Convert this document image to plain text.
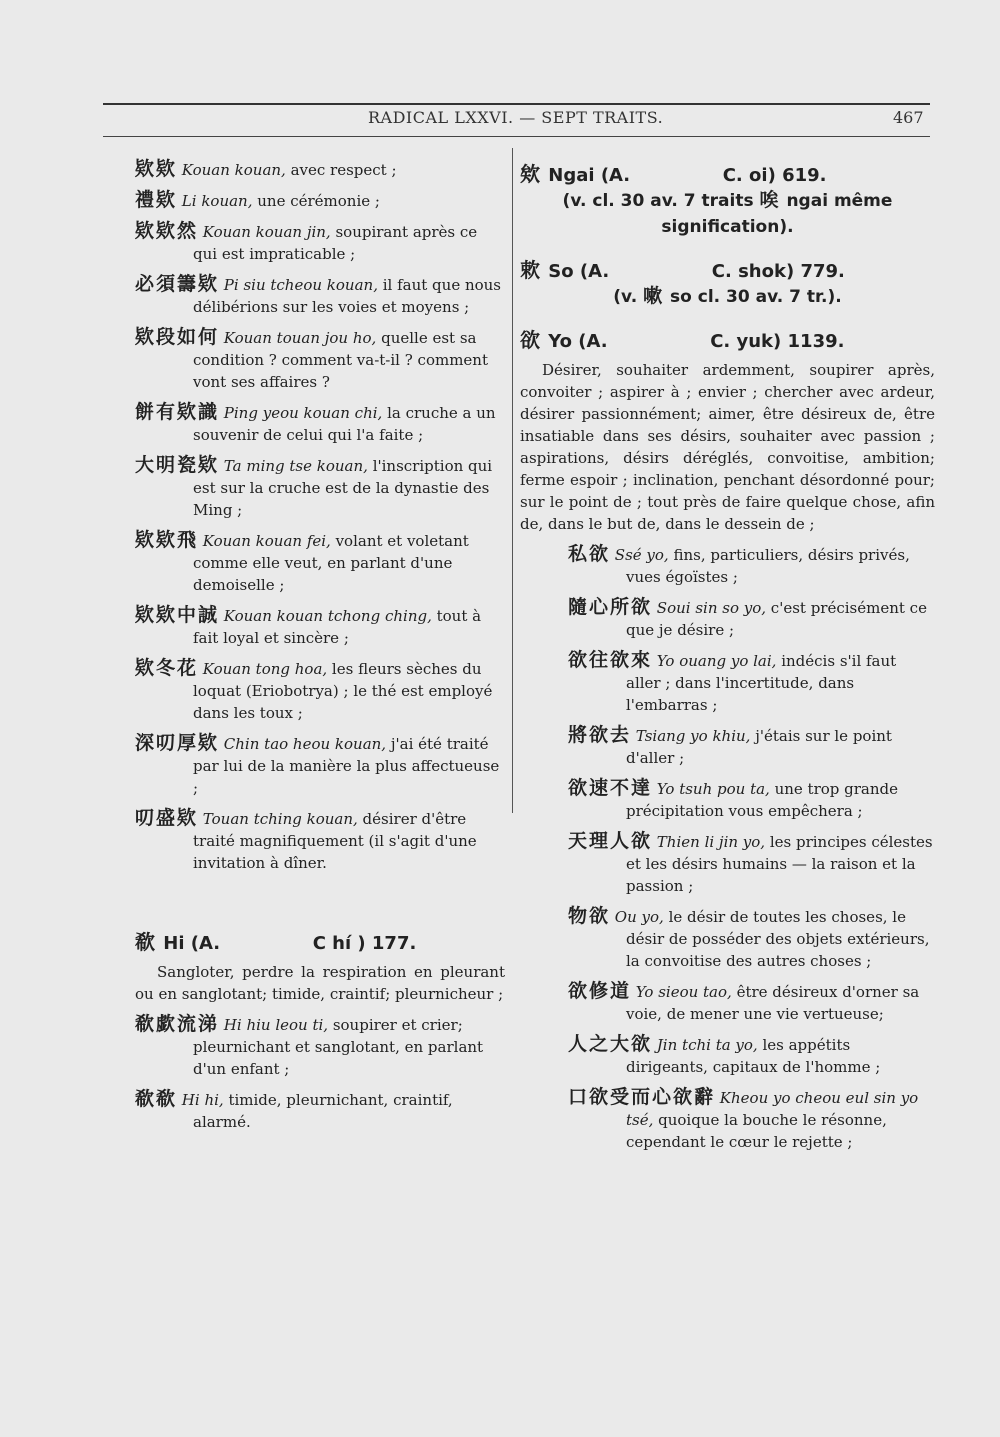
RADICAL LXXVI. — SEPT TRAITS.	467
欵欵 Kouan kouan, avec respect ;
禮欵 Li kouan, une cérémonie ;
欵欵然 Kouan kouan jin, soupirant après ce qui est impraticable ;
必須籌欵 Pi siu tcheou kouan, il faut que nous délibérions sur les voies et moyens ;
欵段如何 Kouan touan jou ho, quelle est sa condition ? comment va-t-il ? comment vont ses affaires ?
餅有欵識 Ping yeou kouan chi, la cruche a un souvenir de celui qui l'a faite ;
大明瓷欵 Ta ming tse kouan, l'inscription qui est sur la cruche est de la dynastie des Ming ;
欵欵飛 Kouan kouan fei, volant et voletant comme elle veut, en parlant d'une demoiselle ;
欵欵中誠 Kouan kouan tchong ching, tout à fait loyal et sincère ;
欵冬花 Kouan tong hoa, les fleurs sèches du loquat (Eriobotrya) ; le thé est employé dans les toux ;
深叨厚欵 Chin tao heou kouan, j'ai été traité par lui de la manière la plus affectueuse ;
叨盛欵 Touan tching kouan, désirer d'être traité magnifiquement (il s'agit d'une invitation à dîner.
欷 Hi (A.	C hí ) 177.
Sangloter, perdre la respiration en pleurant ou en sanglotant; timide, craintif; pleurnicheur ;
欷歔流涕 Hi hiu leou ti, soupirer et crier; pleurnichant et sanglotant, en parlant d'un enfant ;
欷欷 Hi hi, timide, pleurnichant, craintif, alarmé.
欸 Ngai (A.	C. oi) 619.
(v. cl. 30 av. 7 traits 唉 ngai même signification).
欶 So (A.	C. shok) 779.
(v. 嗽 so cl. 30 av. 7 tr.).
欲 Yo (A.	C. yuk) 1139.
Désirer, souhaiter ardemment, soupirer après, convoiter ; aspirer à ; envier ; chercher avec ardeur, désirer passionnément; aimer, être désireux de, être insatiable dans ses désirs, souhaiter avec passion ; aspirations, désirs déréglés, convoitise, ambition; ferme espoir ; inclination, penchant désordonné pour; sur le point de ; tout près de faire quelque chose, afin de, dans le but de, dans le dessein de ;
私欲 Ssé yo, fins, particuliers, désirs privés, vues égoïstes ;
隨心所欲 Soui sin so yo, c'est précisément ce que je désire ;
欲往欲來 Yo ouang yo lai, indécis s'il faut aller ; dans l'incertitude, dans l'embarras ;
將欲去 Tsiang yo khiu, j'étais sur le point d'aller ;
欲速不達 Yo tsuh pou ta, une trop grande précipitation vous empêchera ;
天理人欲 Thien li jin yo, les principes célestes et les désirs humains — la raison et la passion ;
物欲 Ou yo, le désir de toutes les choses, le désir de posséder des objets extérieurs, la convoitise des autres choses ;
欲修道 Yo sieou tao, être désireux d'orner sa voie, de mener une vie vertueuse;
人之大欲 Jin tchi ta yo, les appétits dirigeants, capitaux de l'homme ;
口欲受而心欲辭 Kheou yo cheou eul sin yo tsé, quoique la bouche le résonne, cependant le cœur le rejette ;
